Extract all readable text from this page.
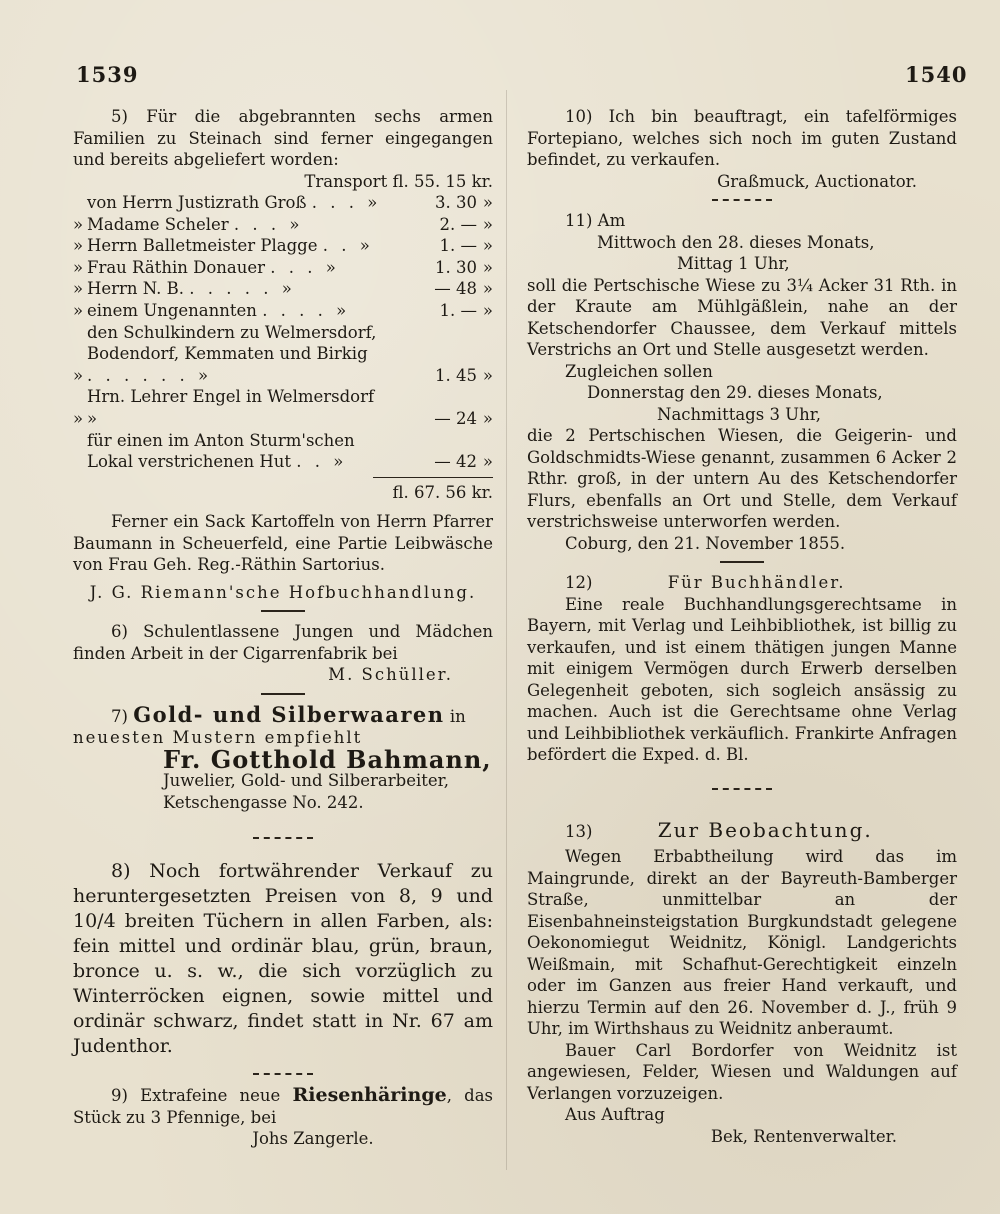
1539	1540

5) Für die abgebrannten sechs armen Familien zu Steinach sind ferner eingegangen und bereits abgeliefert worden:

Transport fl. 55. 15 kr.

	von Herrn Justizrath Groß . . . »	3. 30	»
»	Madame Scheler . . . »	2. —	»
»	Herrn Balletmeister Plagge . . »	1. —	»
»	Frau Räthin Donauer . . . »	1. 30	»
»	Herrn N. B. . . . . . »	— 48	»
»	einem Ungenannten . . . . »	1. —	»
»	den Schulkindern zu Welmersdorf, Bodendorf, Kemmaten und Birkig . . . . . . »	1. 45	»
»	Hrn. Lehrer Engel in Welmersdorf »	— 24	»
	für einen im Anton Sturm'schen Lokal verstrichenen Hut . . »	— 42	»

fl. 67. 56 kr.

Ferner ein Sack Kartoffeln von Herrn Pfarrer Baumann in Scheuerfeld, eine Partie Leibwäsche von Frau Geh. Reg.-Räthin Sartorius.

J. G. Riemann'sche Hofbuchhandlung.

6) Schulentlassene Jungen und Mädchen finden Arbeit in der Cigarrenfabrik bei

M. Schüller.

7) Gold- und Silberwaaren in

neuesten Mustern empfiehlt

Fr. Gotthold Bahmann,

Juwelier, Gold- und Silberarbeiter,

Ketschengasse No. 242.

8) Noch fortwährender Verkauf zu heruntergesetzten Preisen von 8, 9 und 10/4 breiten Tüchern in allen Farben, als: fein mittel und ordinär blau, grün, braun, bronce u. s. w., die sich vorzüglich zu Winterröcken eignen, sowie mittel und ordinär schwarz, findet statt in Nr. 67 am Judenthor.

9) Extrafeine neue Riesenhäringe, das Stück zu 3 Pfennige, bei

Johs Zangerle.

10) Ich bin beauftragt, ein tafelförmiges Fortepiano, welches sich noch im guten Zustand befindet, zu verkaufen.

Graßmuck, Auctionator.

11) Am

Mittwoch den 28. dieses Monats,

Mittag 1 Uhr,

soll die Pertschische Wiese zu 3¼ Acker 31 Rth. in der Kraute am Mühlgäßlein, nahe an der Ketschendorfer Chaussee, dem Verkauf mittels Verstrichs an Ort und Stelle ausgesetzt werden.

Zugleichen sollen

Donnerstag den 29. dieses Monats,

Nachmittags 3 Uhr,

die 2 Pertschischen Wiesen, die Geigerin- und Goldschmidts-Wiese genannt, zusammen 6 Acker 2 Rthr. groß, in der untern Au des Ketschendorfer Flurs, ebenfalls an Ort und Stelle, dem Verkauf verstrichsweise unterworfen werden.

Coburg, den 21. November 1855.

12)	Für Buchhändler.

Eine reale Buchhandlungsgerechtsame in Bayern, mit Verlag und Leihbibliothek, ist billig zu verkaufen, und ist einem thätigen jungen Manne mit einigem Vermögen durch Erwerb derselben Gelegenheit geboten, sich sogleich ansässig zu machen. Auch ist die Gerechtsame ohne Verlag und Leihbibliothek verkäuflich. Frankirte Anfragen befördert die Exped. d. Bl.

13)	Zur Beobachtung.

Wegen Erbabtheilung wird das im Maingrunde, direkt an der Bayreuth-Bamberger Straße, unmittelbar an der Eisenbahneinsteigstation Burgkundstadt gelegene Oekonomiegut Weidnitz, Königl. Landgerichts Weißmain, mit Schafhut-Gerechtigkeit einzeln oder im Ganzen aus freier Hand verkauft, und hierzu Termin auf den 26. November d. J., früh 9 Uhr, im Wirthshaus zu Weidnitz anberaumt.

Bauer Carl Bordorfer von Weidnitz ist angewiesen, Felder, Wiesen und Waldungen auf Verlangen vorzuzeigen.

Aus Auftrag

Bek, Rentenverwalter.
